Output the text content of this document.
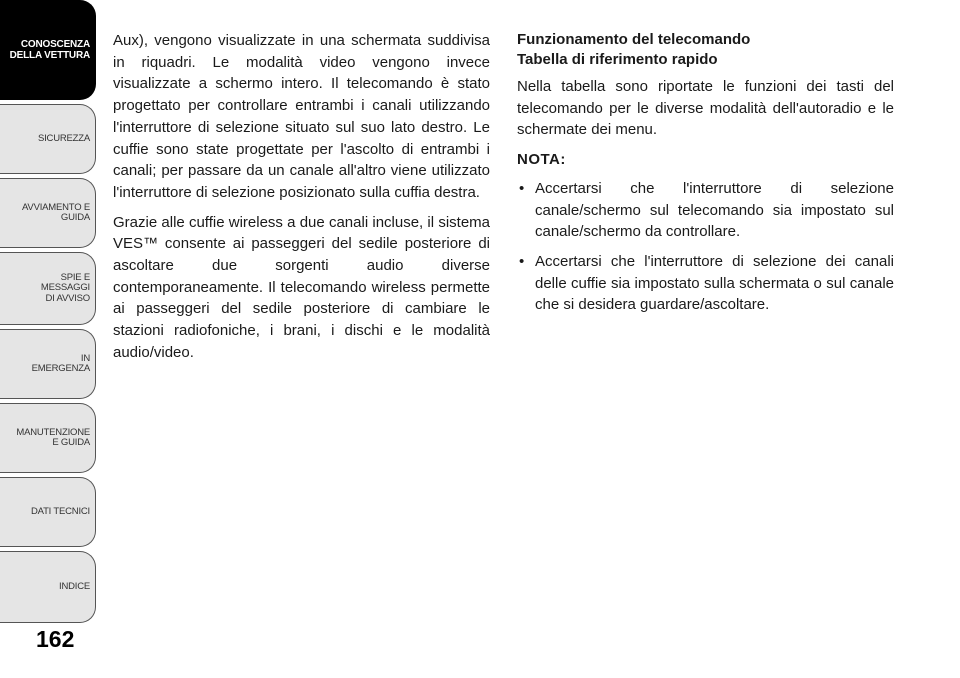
CONOSCENZA
DELLA VETTURA
SICUREZZA
AVVIAMENTO E
GUIDA
SPIE E
MESSAGGI
DI AVVISO
IN
EMERGENZA
MANUTENZIONE
E GUIDA
DATI TECNICI
INDICE
162

Aux), vengono visualizzate in una schermata suddivisa in riquadri. Le modalità video vengono invece visualizzate a schermo intero. Il telecomando è stato progettato per controllare entrambi i canali utilizzando l'interruttore di selezione situato sul suo lato destro. Le cuffie sono state progettate per l'ascolto di entrambi i canali; per passare da un canale all'altro viene utilizzato l'interruttore di selezione posizionato sulla cuffia destra.

Grazie alle cuffie wireless a due canali incluse, il sistema VES™ consente ai passeggeri del sedile posteriore di ascoltare due sorgenti audio diverse contemporaneamente. Il telecomando wireless permette ai passeggeri del sedile posteriore di cambiare le stazioni radiofoniche, i brani, i dischi e le modalità audio/video.

Funzionamento del telecomando
Tabella di riferimento rapido

Nella tabella sono riportate le funzioni dei tasti del telecomando per le diverse modalità dell'autoradio e le schermate dei menu.

NOTA:
• Accertarsi che l'interruttore di selezione canale/schermo sul telecomando sia impostato sul canale/schermo da controllare.
• Accertarsi che l'interruttore di selezione dei canali delle cuffie sia impostato sulla schermata o sul canale che si desidera guardare/ascoltare.
